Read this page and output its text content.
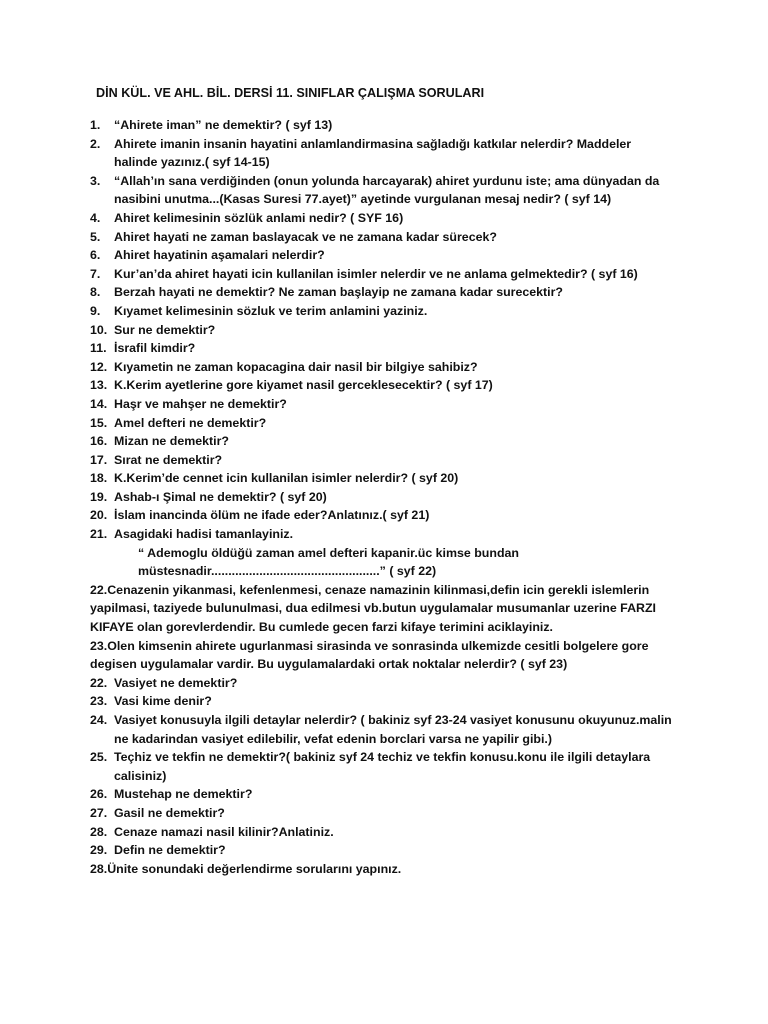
DİN KÜL. VE AHL. BİL. DERSİ 11. SINIFLAR ÇALIŞMA SORULARI
1. “Ahirete iman” ne demektir? ( syf 13)
2. Ahirete imanin insanin hayatini anlamlandirmasina sağladığı katkılar nelerdir? Maddeler
halinde yazınız.( syf 14-15)
3. “Allah’ın sana verdiğinden (onun yolunda harcayarak) ahiret yurdunu iste; ama dünyadan da
nasibini unutma...(Kasas Suresi 77.ayet)” ayetinde vurgulanan mesaj nedir? ( syf 14)
4. Ahiret kelimesinin sözlük anlami nedir? ( SYF 16)
5. Ahiret hayati ne zaman baslayacak ve ne zamana kadar sürecek?
6. Ahiret hayatinin aşamalari nelerdir?
7. Kur’an’da ahiret hayati icin kullanilan isimler nelerdir ve ne anlama gelmektedir? ( syf 16)
8. Berzah hayati ne demektir? Ne zaman başlayip ne zamana kadar surecektir?
9. Kıyamet kelimesinin sözluk ve terim anlamini yaziniz.
10. Sur ne demektir?
11. İsrafil kimdir?
12. Kıyametin ne zaman kopacagina dair nasil bir bilgiye sahibiz?
13. K.Kerim ayetlerine gore kiyamet nasil gerceklesecektir? ( syf 17)
14. Haşr ve mahşer ne demektir?
15. Amel defteri ne demektir?
16. Mizan ne demektir?
17. Sırat ne demektir?
18. K.Kerim’de cennet icin kullanilan isimler nelerdir? ( syf 20)
19. Ashab-ı Şimal ne demektir? ( syf 20)
20. İslam inancinda ölüm ne ifade eder?Anlatınız.( syf 21)
21. Asagidaki hadisi tamanlayiniz.
“ Ademoglu öldüğü zaman amel defteri kapanir.üc kimse bundan
müstesnadir.................................................” ( syf 22)
22.Cenazenin yikanmasi, kefenlenmesi, cenaze namazinin kilinmasi,defin icin gerekli islemlerin
yapilmasi, taziyede bulunulmasi, dua edilmesi vb.butun uygulamalar musumanlar uzerine FARZI
KIFAYE olan gorevlerdendir. Bu cumlede gecen farzi kifaye terimini aciklayiniz.
23.Olen kimsenin ahirete ugurlanmasi sirasinda ve sonrasinda ulkemizde cesitli bolgelere gore
degisen uygulamalar vardir. Bu uygulamalardaki ortak noktalar nelerdir? ( syf 23)
22. Vasiyet ne demektir?
23. Vasi kime denir?
24. Vasiyet konusuyla ilgili detaylar nelerdir? ( bakiniz syf 23-24 vasiyet konusunu okuyunuz.malin
ne kadarindan vasiyet edilebilir, vefat edenin borclari varsa ne yapilir gibi.)
25. Teçhiz ve tekfin ne demektir?( bakiniz syf 24 techiz ve tekfin konusu.konu ile ilgili detaylara
calisiniz)
26. Mustehap ne demektir?
27. Gasil ne demektir?
28. Cenaze namazi nasil kilinir?Anlatiniz.
29. Defin ne demektir?
28.Ünite sonundaki değerlendirme sorularını yapınız.
